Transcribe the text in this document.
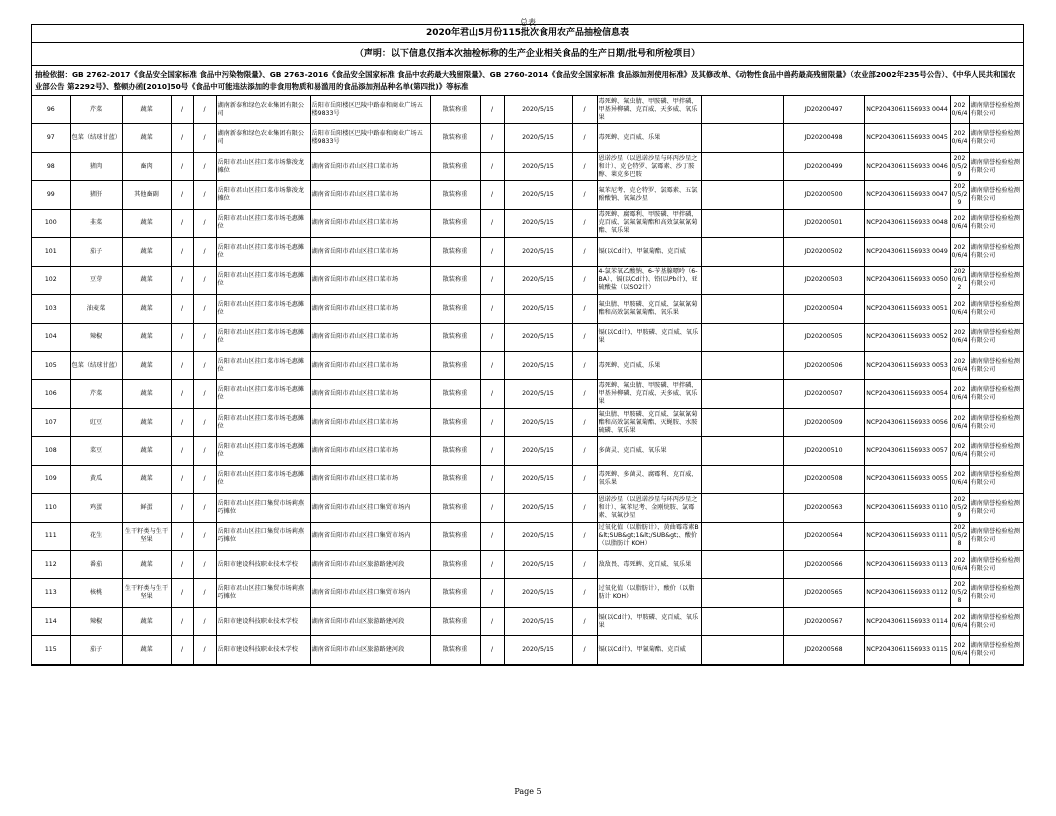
总表
2020年君山5月份115批次食用农产品抽检信息表
（声明：以下信息仅指本次抽检标称的生产企业相关食品的生产日期/批号和所检项目）
抽检依据：GB 2762-2017《食品安全国家标准 食品中污染物限量》、GB 2763-2016《食品安全国家标准 食品中农药最大残留限量》、GB 2760-2014《食品安全国家标准 食品添加剂使用标准》及其修改单、《动物性食品中兽药最高残留限量》（农业部2002年235号公告）、《中华人民共和国农业部公告 第2292号》、整顿办函[2010]50号《食品中可能违法添加的非食用物质和易滥用的食品添加剂品种名单(第四批)》等标准
96	芹菜	蔬菜	/	/	湖南新泰和绿色农业集团有限公司	岳阳市岳阳楼区巴陵中路泰和商业广场五楼9833号	散装称重	/	2020/5/15	/	毒死蜱、氟虫腈、甲胺磷、甲拌磷、甲基异柳磷、克百威、天多威、氧乐果		JD20200497	NCP2043061156933 0044	2020/6/4	湖南鼎誉检验检测有限公司
97	包菜（结球甘蓝）	蔬菜	/	/	湖南新泰和绿色农业集团有限公司	岳阳市岳阳楼区巴陵中路泰和商业广场五楼9833号	散装称重	/	2020/5/15	/	毒死蜱、克百威、乐果		JD20200498	NCP2043061156933 0045	2020/6/4	湖南鼎誉检验检测有限公司
98	猪肉	畜肉	/	/	岳阳市君山区挂口菜市场黎浚龙摊位	湖南省岳阳市君山区挂口菜市场	散装称重	/	2020/5/15	/	恩诺沙星（以恩诺沙星与环丙沙星之和计）、克仑特罗、氯霉素、沙丁胺醇、莱克多巴胺		JD20200499	NCP2043061156933 0046	2020/5/29	湖南鼎誉检验检测有限公司
99	猪肝	其他畜副	/	/	岳阳市君山区挂口菜市场黎浚龙摊位	湖南省岳阳市君山区挂口菜市场	散装称重	/	2020/5/15	/	氟苯尼考、克仑特罗、氯霉素、五氯酚酸钠、氧氟沙星		JD20200500	NCP2043061156933 0047	2020/5/29	湖南鼎誉检验检测有限公司
100	韭菜	蔬菜	/	/	岳阳市君山区挂口菜市场毛惠摊位	湖南省岳阳市君山区挂口菜市场	散装称重	/	2020/5/15	/	毒死蜱、腐霉利、甲胺磷、甲拌磷、克百威、氯氟氰菊酯和高效氯氟氰菊酯、氧乐果		JD20200501	NCP2043061156933 0048	2020/6/4	湖南鼎誉检验检测有限公司
101	茄子	蔬菜	/	/	岳阳市君山区挂口菜市场毛惠摊位	湖南省岳阳市君山区挂口菜市场	散装称重	/	2020/5/15	/	镉(以Cd计)、甲氰菊酯、克百威		JD20200502	NCP2043061156933 0049	2020/6/4	湖南鼎誉检验检测有限公司
102	豆芽	蔬菜	/	/	岳阳市君山区挂口菜市场毛惠摊位	湖南省岳阳市君山区挂口菜市场	散装称重	/	2020/5/15	/	4-氯苯氧乙酸钠、6-苄基腺嘌呤（6-BA）、镉(以Cd计)、铅(以Pb计)、亚硫酸盐（以SO2计）		JD20200503	NCP2043061156933 0050	2020/6/12	湖南鼎誉检验检测有限公司
103	油麦菜	蔬菜	/	/	岳阳市君山区挂口菜市场毛惠摊位	湖南省岳阳市君山区挂口菜市场	散装称重	/	2020/5/15	/	氟虫腈、甲胺磷、克百威、氯氟氰菊酯和高效氯氟氰菊酯、氧乐果		JD20200504	NCP2043061156933 0051	2020/6/4	湖南鼎誉检验检测有限公司
104	辣椒	蔬菜	/	/	岳阳市君山区挂口菜市场毛惠摊位	湖南省岳阳市君山区挂口菜市场	散装称重	/	2020/5/15	/	镉(以Cd计)、甲胺磷、克百威、氧乐果		JD20200505	NCP2043061156933 0052	2020/6/4	湖南鼎誉检验检测有限公司
105	包菜（结球甘蓝）	蔬菜	/	/	岳阳市君山区挂口菜市场毛惠摊位	湖南省岳阳市君山区挂口菜市场	散装称重	/	2020/5/15	/	毒死蜱、克百威、乐果		JD20200506	NCP2043061156933 0053	2020/6/4	湖南鼎誉检验检测有限公司
106	芹菜	蔬菜	/	/	岳阳市君山区挂口菜市场毛惠摊位	湖南省岳阳市君山区挂口菜市场	散装称重	/	2020/5/15	/	毒死蜱、氟虫腈、甲胺磷、甲拌磷、甲基异柳磷、克百威、天多威、氧乐果		JD20200507	NCP2043061156933 0054	2020/6/4	湖南鼎誉检验检测有限公司
107	豇豆	蔬菜	/	/	岳阳市君山区挂口菜市场毛惠摊位	湖南省岳阳市君山区挂口菜市场	散装称重	/	2020/5/15	/	氟虫腈、甲胺磷、克百威、氯氟氰菊酯和高效氯氟氰菊酯、灭蝇胺、水胺硫磷、氧乐果		JD20200509	NCP2043061156933 0056	2020/6/4	湖南鼎誉检验检测有限公司
108	菜豆	蔬菜	/	/	岳阳市君山区挂口菜市场毛惠摊位	湖南省岳阳市君山区挂口菜市场	散装称重	/	2020/5/15	/	多菌灵、克百威、氧乐果		JD20200510	NCP2043061156933 0057	2020/6/4	湖南鼎誉检验检测有限公司
109	黄瓜	蔬菜	/	/	岳阳市君山区挂口菜市场毛惠摊位	湖南省岳阳市君山区挂口菜市场	散装称重	/	2020/5/15	/	毒死蜱、多菌灵、腐霉利、克百威、氧乐果		JD20200508	NCP2043061156933 0055	2020/6/4	湖南鼎誉检验检测有限公司
110	鸡蛋	鲜蛋	/	/	岳阳市君山区挂口集贸市场莉燕巧摊位	湖南省岳阳市君山区挂口集贸市场内	散装称重	/	2020/5/15	/	恩诺沙星（以恩诺沙星与环丙沙星之和计）、氟苯尼考、金刚烷胺、氯霉素、氧氟沙星		JD20200563	NCP2043061156933 0110	2020/5/29	湖南鼎誉检验检测有限公司
111	花生	生干籽类与生干坚果	/	/	岳阳市君山区挂口集贸市场莉燕巧摊位	湖南省岳阳市君山区挂口集贸市场内	散装称重	/	2020/5/15	/	过氧化值（以脂肪计）、黄曲霉毒素B&lt;SUB&gt;1&lt;/SUB&gt;、酸价（以脂肪计 KOH）		JD20200564	NCP2043061156933 0111	2020/5/28	湖南鼎誉检验检测有限公司
112	番茄	蔬菜	/	/	岳阳市建设科技职业技术学校	湖南省岳阳市君山区旅游路建河段	散装称重	/	2020/5/15	/	敌敌畏、毒死蜱、克百威、氧乐果		JD20200566	NCP2043061156933 0113	2020/6/4	湖南鼎誉检验检测有限公司
113	核桃	生干籽类与生干坚果	/	/	岳阳市君山区挂口集贸市场莉燕巧摊位	湖南省岳阳市君山区挂口集贸市场内	散装称重	/	2020/5/15	/	过氧化值（以脂肪计），酸价（以脂肪计 KOH）		JD20200565	NCP2043061156933 0112	2020/5/28	湖南鼎誉检验检测有限公司
114	辣椒	蔬菜	/	/	岳阳市建设科技职业技术学校	湖南省岳阳市君山区旅游路建河段	散装称重	/	2020/5/15	/	镉(以Cd计)、甲胺磷、克百威、氧乐果		JD20200567	NCP2043061156933 0114	2020/6/4	湖南鼎誉检验检测有限公司
115	茄子	蔬菜	/	/	岳阳市建设科技职业技术学校	湖南省岳阳市君山区旅游路建河段	散装称重	/	2020/5/15	/	镉(以Cd计)、甲氰菊酯、克百威		JD20200568	NCP2043061156933 0115	2020/6/4	湖南鼎誉检验检测有限公司
Page 5
